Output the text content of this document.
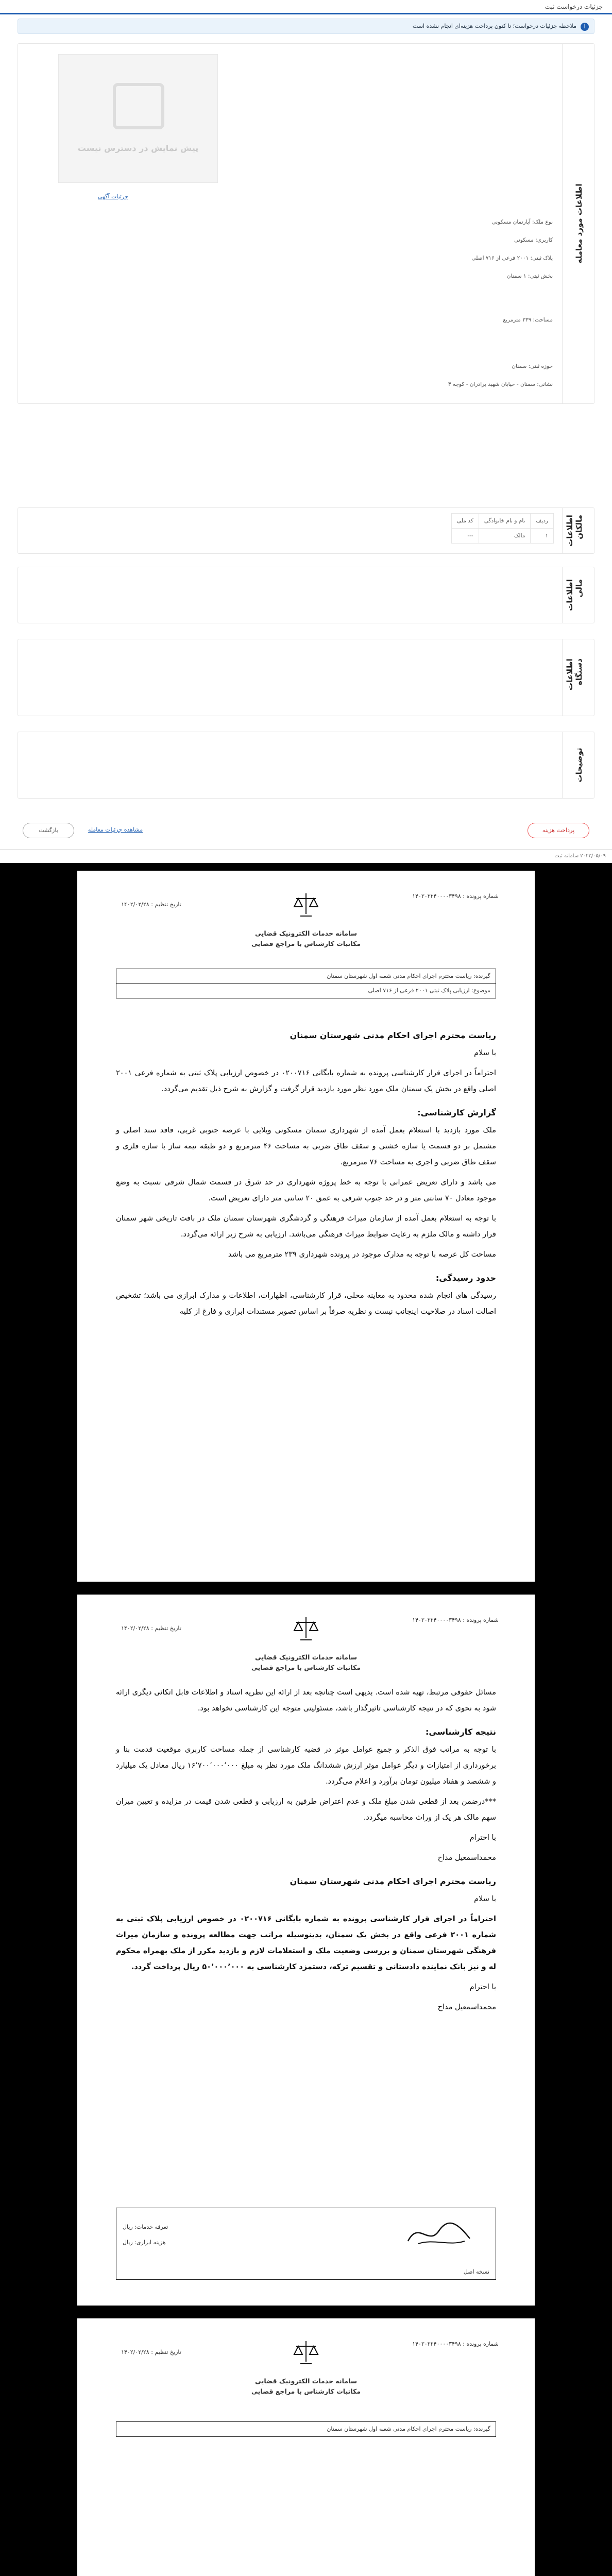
جزئیات درخواست ثبت
i
ملاحظه جزئیات درخواست؛ تا کنون پرداخت هزینه‌ای انجام نشده است
اطلاعات مورد معامله
پیش نمایش در دسترس نیست
جزئیات آگهی
نوع ملک: آپارتمان مسکونی
کاربری: مسکونی
پلاک ثبتی: ۲۰۰۱ فرعی از ۷۱۶ اصلی
بخش ثبتی: ۱ سمنان
مساحت: ۲۳۹ مترمربع
حوزه ثبتی: سمنان
نشانی: سمنان - خیابان شهید برادران - کوچه ۳
اطلاعات مالکان
ردیف	نام و نام خانوادگی	کد ملی
۱	مالک	---
اطلاعات مالی
اطلاعات دستگاه
توضیحات
پرداخت هزینه
بازگشت	مشاهده جزئیات معامله
۲۰۲۳/۰۵/۰۹ سامانه ثبت
شماره پرونده : ۱۴۰۲۰۲۲۴۰۰۰۰۳۴۹۸
تاریخ تنظیم : ۱۴۰۲/۰۲/۲۸
سامانه خدمات الکترونیک قضایی
مکاتبات کارشناس با مراجع قضایی
گیرنده: ریاست محترم اجرای احکام مدنی شعبه اول شهرستان سمنان
موضوع: ارزیابی پلاک ثبتی ۲۰۰۱ فرعی از ۷۱۶ اصلی
ریاست محترم اجرای احکام مدنی شهرستان سمنان

با سلام

احتراماً در اجرای قرار کارشناسی پرونده به شماره بایگانی ۰۲۰۰۷۱۶ در خصوص ارزیابی پلاک ثبتی به شماره فرعی ۲۰۰۱ اصلی واقع در بخش یک سمنان ملک مورد نظر مورد بازدید قرار گرفت و گزارش به شرح ذیل تقدیم می‌گردد.

گزارش کارشناسی:

ملک مورد بازدید با استعلام بعمل آمده از شهرداری سمنان مسکونی ویلایی با عرصه جنوبی غربی، فاقد سند اصلی و مشتمل بر دو قسمت یا سازه خشتی و سقف طاق ضربی به مساحت ۴۶ مترمربع و دو طبقه نیمه ساز با سازه فلزی و سقف طاق ضربی و اجری به مساحت ۷۶ مترمربع.

می باشد و دارای تعریض عمرانی با توجه به خط پروژه شهرداری در حد شرق در قسمت شمال شرقی نسبت به وضع موجود معادل ۷۰ سانتی متر و در حد جنوب شرقی به عمق ۲۰ سانتی متر دارای تعریض است.

با توجه به استعلام بعمل آمده از سازمان میراث فرهنگی و گردشگری شهرستان سمنان ملک در بافت تاریخی شهر سمنان قرار داشته و مالک ملزم به رعایت ضوابط میراث فرهنگی می‌باشد. ارزیابی به شرح زیر ارائه می‌گردد.

مساحت کل عرصه با توجه به مدارک موجود در پرونده شهرداری ۲۳۹ مترمربع می باشد

حدود رسیدگی:

رسیدگی های انجام شده محدود به معاینه محلی، قرار کارشناسی، اظهارات، اطلاعات و مدارک ابرازی می باشد؛ تشخیص اصالت اسناد در صلاحیت اینجانب نیست و نظریه صرفاً بر اساس تصویر مستندات ابرازی و فارغ از کلیه

شماره پرونده : ۱۴۰۲۰۲۲۴۰۰۰۰۳۴۹۸
تاریخ تنظیم : ۱۴۰۲/۰۲/۲۸
سامانه خدمات الکترونیک قضایی
مکاتبات کارشناس با مراجع قضایی

مسائل حقوقی مرتبط، تهیه شده است. بدیهی است چنانچه بعد از ارائه این نظریه اسناد و اطلاعات قابل اتکائی دیگری ارائه شود به نحوی که در نتیجه کارشناسی تاثیرگذار باشد، مسئولیتی متوجه این کارشناسی نخواهد بود.

نتیجه کارشناسی:

با توجه به مراتب فوق الذکر و جمیع عوامل موثر در قضیه کارشناسی از جمله مساحت کاربری موقعیت قدمت بنا و برخورداری از امتیازات و دیگر عوامل موثر ارزش ششدانگ ملک مورد نظر به مبلغ ۱۶٬۷۰۰٬۰۰۰٬۰۰۰ ریال معادل یک میلیارد و ششصد و هفتاد میلیون تومان برآورد و اعلام می‌گردد.

***درضمن بعد از قطعی شدن مبلغ ملک و عدم اعتراض طرفین به ارزیابی و قطعی شدن قیمت در مزایده و تعیین میزان سهم مالک هر یک از وراث محاسبه میگردد.

با احترام

محمداسمعیل مداح

ریاست محترم اجرای احکام مدنی شهرستان سمنان

با سلام

احتراماً در اجرای قرار کارشناسی پرونده به شماره بایگانی ۰۲۰۰۷۱۶ در خصوص ارزیابی پلاک ثبتی به شماره ۲۰۰۱ فرعی واقع در بخش یک سمنان، بدینوسیله مراتب جهت مطالعه پرونده و سازمان میراث فرهنگی شهرستان سمنان و بررسی وضعیت ملک و استعلامات لازم و بازدید مکرر از ملک بهمراه محکوم له و نیز بانک نماینده دادستانی و تقسیم ترکه، دستمزد کارشناسی به ۵۰٬۰۰۰٬۰۰۰ ریال پرداخت گردد.

با احترام

محمداسمعیل مداح

نسخه اصل
تعرفه خدمات: ریال
هزینه ابزاری: ریال
شماره پرونده : ۱۴۰۲۰۲۲۴۰۰۰۰۳۴۹۸
تاریخ تنظیم : ۱۴۰۲/۰۲/۲۸
سامانه خدمات الکترونیک قضایی
مکاتبات کارشناس با مراجع قضایی
گیرنده: ریاست محترم اجرای احکام مدنی شعبه اول شهرستان سمنان
